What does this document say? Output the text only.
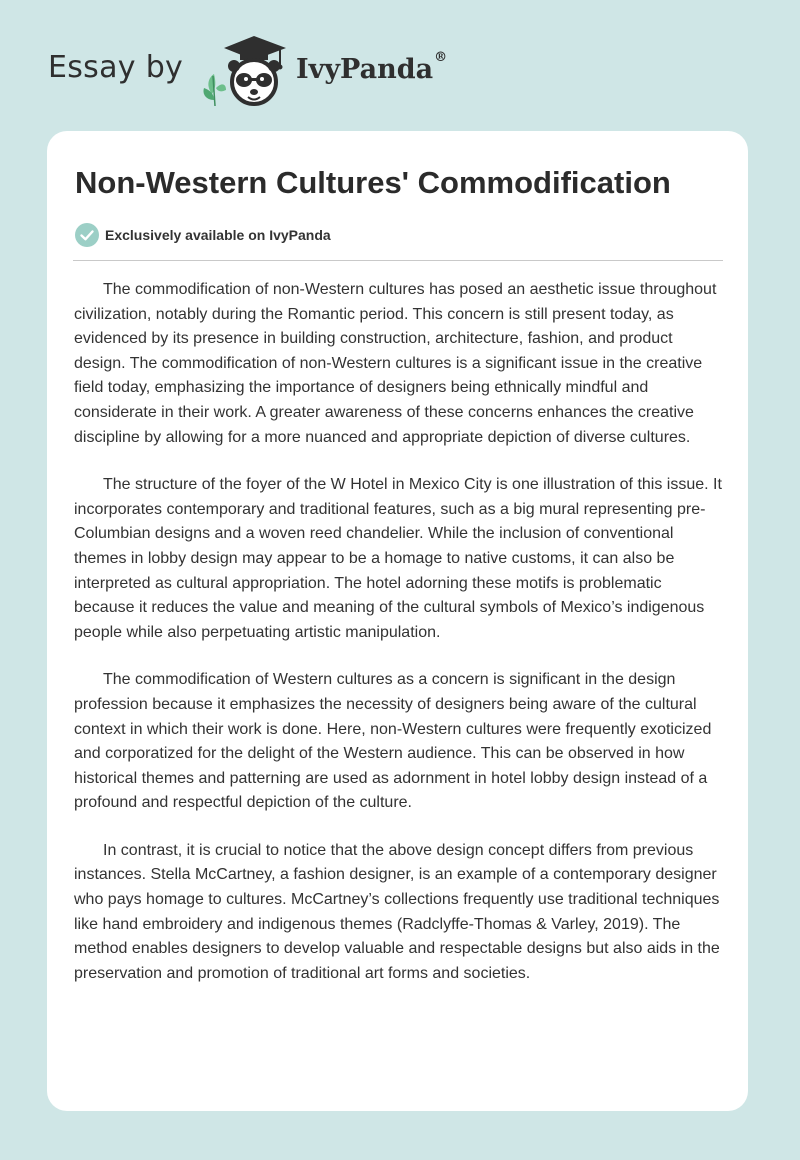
Essay by	IvyPanda®
Non-Western Cultures' Commodification
Exclusively available on IvyPanda

The commodification of non-Western cultures has posed an aesthetic issue throughout civilization, notably during the Romantic period. This concern is still present today, as evidenced by its presence in building construction, architecture, fashion, and product design. The commodification of non-Western cultures is a significant issue in the creative field today, emphasizing the importance of designers being ethnically mindful and considerate in their work. A greater awareness of these concerns enhances the creative discipline by allowing for a more nuanced and appropriate depiction of diverse cultures.

The structure of the foyer of the W Hotel in Mexico City is one illustration of this issue. It incorporates contemporary and traditional features, such as a big mural representing pre-Columbian designs and a woven reed chandelier. While the inclusion of conventional themes in lobby design may appear to be a homage to native customs, it can also be interpreted as cultural appropriation. The hotel adorning these motifs is problematic because it reduces the value and meaning of the cultural symbols of Mexico’s indigenous people while also perpetuating artistic manipulation.

The commodification of Western cultures as a concern is significant in the design profession because it emphasizes the necessity of designers being aware of the cultural context in which their work is done. Here, non-Western cultures were frequently exoticized and corporatized for the delight of the Western audience. This can be observed in how historical themes and patterning are used as adornment in hotel lobby design instead of a profound and respectful depiction of the culture.

In contrast, it is crucial to notice that the above design concept differs from previous instances. Stella McCartney, a fashion designer, is an example of a contemporary designer who pays homage to cultures. McCartney’s collections frequently use traditional techniques like hand embroidery and indigenous themes (Radclyffe-Thomas & Varley, 2019). The method enables designers to develop valuable and respectable designs but also aids in the preservation and promotion of traditional art forms and societies.
